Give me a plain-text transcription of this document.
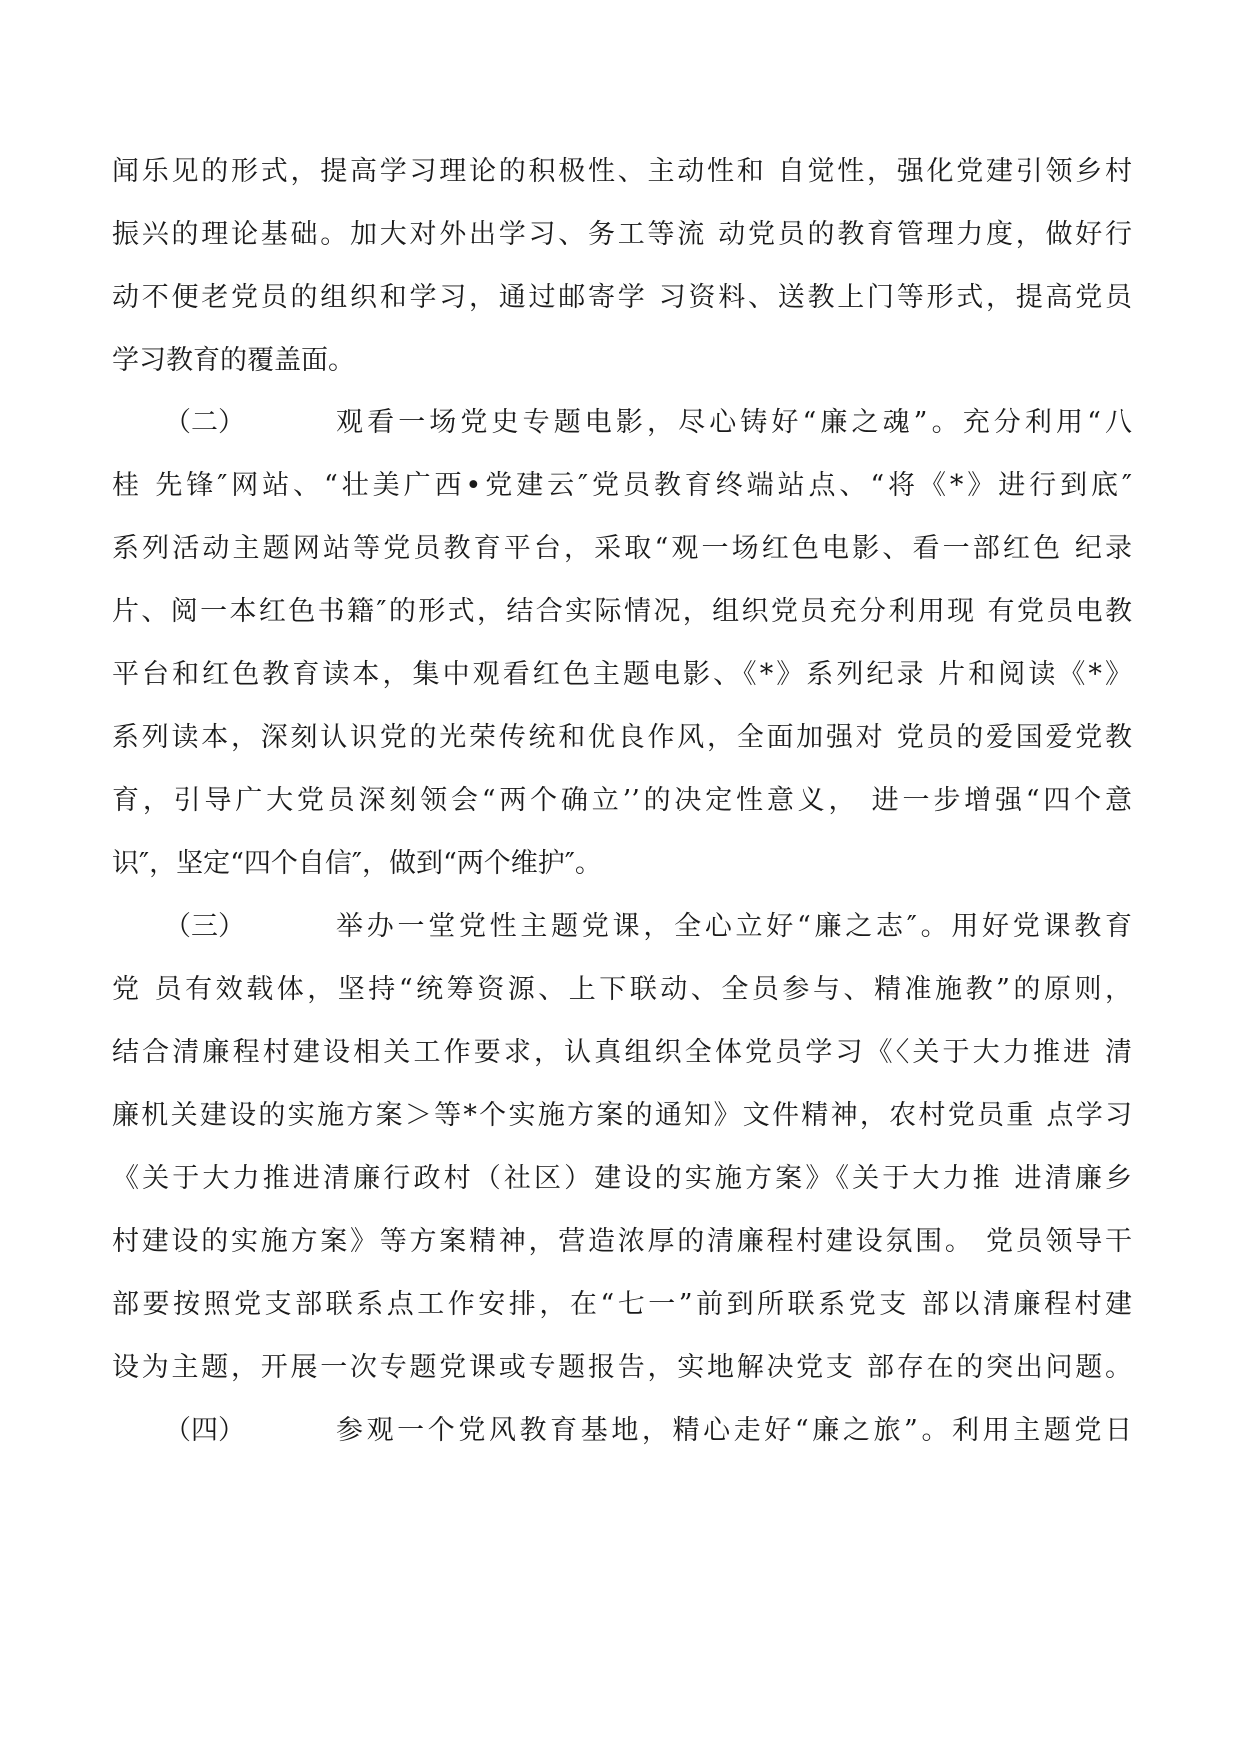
闻乐见的形式，提高学习理论的积极性、主动性和 自觉性，强化党建引领乡村
振兴的理论基础。加大对外出学习、务工等流 动党员的教育管理力度，做好行
动不便老党员的组织和学习，通过邮寄学 习资料、送教上门等形式，提高党员
学习教育的覆盖面。

（二）

	观看一场党史专题电影，尽心铸好“廉之魂”。充分利用“八

桂 先锋″网站、“壮美广西•党建云″党员教育终端站点、“将《*》进行到底″
系列活动主题网站等党员教育平台，采取“观一场红色电影、看一部红色 纪录
片、阅一本红色书籍″的形式，结合实际情况，组织党员充分利用现 有党员电教
平台和红色教育读本，集中观看红色主题电影、《*》系列纪录 片和阅读《*》
系列读本，深刻认识党的光荣传统和优良作风，全面加强对 党员的爱国爱党教
育，引导广大党员深刻领会“两个确立’’的决定性意义， 进一步增强“四个意
识″，坚定“四个自信″，做到“两个维护″。

（三）

	举办一堂党性主题党课，全心立好“廉之志″。用好党课教育

党 员有效载体，坚持“统筹资源、上下联动、全员参与、精准施教”的原则，
结合清廉程村建设相关工作要求，认真组织全体党员学习《〈关于大力推进 清
廉机关建设的实施方案＞等*个实施方案的通知》文件精神，农村党员重 点学习
《关于大力推进清廉行政村（社区）建设的实施方案》《关于大力推 进清廉乡
村建设的实施方案》等方案精神，营造浓厚的清廉程村建设氛围。 党员领导干
部要按照党支部联系点工作安排，在“七一”前到所联系党支 部以清廉程村建
设为主题，开展一次专题党课或专题报告，实地解决党支 部存在的突出问题。

（四）

	参观一个党风教育基地，精心走好“廉之旅”。利用主题党日
